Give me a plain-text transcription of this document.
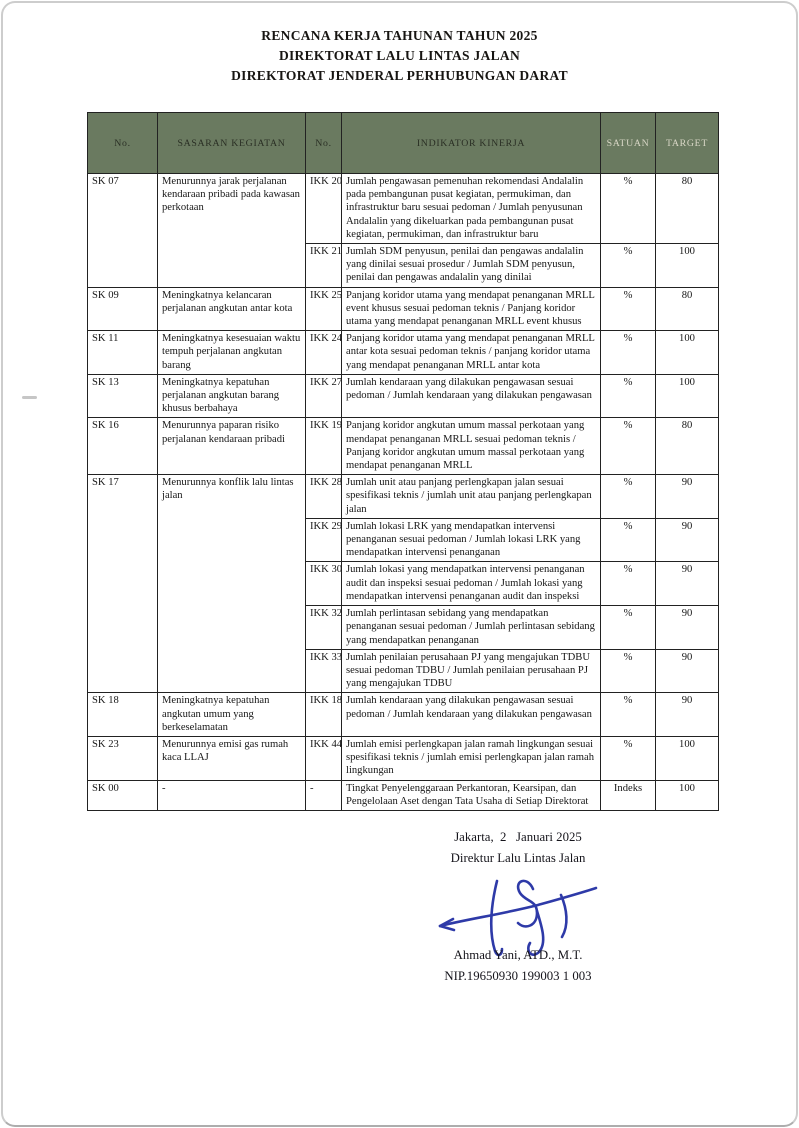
RENCANA KERJA TAHUNAN TAHUN 2025
DIREKTORAT LALU LINTAS JALAN
DIREKTORAT JENDERAL PERHUBUNGAN DARAT
No.	SASARAN KEGIATAN	No.	INDIKATOR KINERJA	SATUAN	TARGET
SK 07	Menurunnya jarak perjalanan kendaraan pribadi pada kawasan perkotaan	IKK 20	Jumlah pengawasan pemenuhan rekomendasi Andalalin pada pembangunan pusat kegiatan, permukiman, dan infrastruktur baru sesuai pedoman / Jumlah penyusunan Andalalin yang dikeluarkan pada pembangunan pusat kegiatan, permukiman, dan infrastruktur baru	%	80
		IKK 21	Jumlah SDM penyusun, penilai dan pengawas andalalin yang dinilai sesuai prosedur / Jumlah SDM penyusun, penilai dan pengawas andalalin yang dinilai	%	100
SK 09	Meningkatnya kelancaran perjalanan angkutan antar kota	IKK 25	Panjang koridor utama yang mendapat penanganan MRLL event khusus sesuai pedoman teknis / Panjang koridor utama yang mendapat penanganan MRLL event khusus	%	80
SK 11	Meningkatnya kesesuaian waktu tempuh perjalanan angkutan barang	IKK 24	Panjang koridor utama yang mendapat penanganan MRLL antar kota sesuai pedoman teknis / panjang koridor utama yang mendapat penanganan MRLL antar kota	%	100
SK 13	Meningkatnya kepatuhan perjalanan angkutan barang khusus berbahaya	IKK 27	Jumlah kendaraan yang dilakukan pengawasan sesuai pedoman / Jumlah kendaraan yang dilakukan pengawasan	%	100
SK 16	Menurunnya paparan risiko perjalanan kendaraan pribadi	IKK 19	Panjang koridor angkutan umum massal perkotaan yang mendapat penanganan MRLL sesuai pedoman teknis / Panjang koridor angkutan umum massal perkotaan yang mendapat penanganan MRLL	%	80
SK 17	Menurunnya konflik lalu lintas jalan	IKK 28	Jumlah unit atau panjang perlengkapan jalan sesuai spesifikasi teknis / jumlah unit atau panjang perlengkapan jalan	%	90
		IKK 29	Jumlah lokasi LRK yang mendapatkan intervensi penanganan sesuai pedoman / Jumlah lokasi LRK yang mendapatkan intervensi penanganan	%	90
		IKK 30	Jumlah lokasi yang mendapatkan intervensi penanganan audit dan inspeksi sesuai pedoman / Jumlah lokasi yang mendapatkan intervensi penanganan audit dan inspeksi	%	90
		IKK 32	Jumlah perlintasan sebidang yang mendapatkan penanganan sesuai pedoman / Jumlah perlintasan sebidang yang mendapatkan penanganan	%	90
		IKK 33	Jumlah penilaian perusahaan PJ yang mengajukan TDBU sesuai pedoman TDBU / Jumlah penilaian perusahaan PJ yang mengajukan TDBU	%	90
SK 18	Meningkatnya kepatuhan angkutan umum yang berkeselamatan	IKK 18	Jumlah kendaraan yang dilakukan pengawasan sesuai pedoman / Jumlah kendaraan yang dilakukan pengawasan	%	90
SK 23	Menurunnya emisi gas rumah kaca LLAJ	IKK 44	Jumlah emisi perlengkapan jalan ramah lingkungan sesuai spesifikasi teknis / jumlah emisi perlengkapan jalan ramah lingkungan	%	100
SK 00	-	-	Tingkat Penyelenggaraan Perkantoran, Kearsipan, dan Pengelolaan Aset dengan Tata Usaha di Setiap Direktorat	Indeks	100
Jakarta,  2   Januari 2025
Direktur Lalu Lintas Jalan
Ahmad Yani, ATD., M.T.
NIP.19650930 199003 1 003
